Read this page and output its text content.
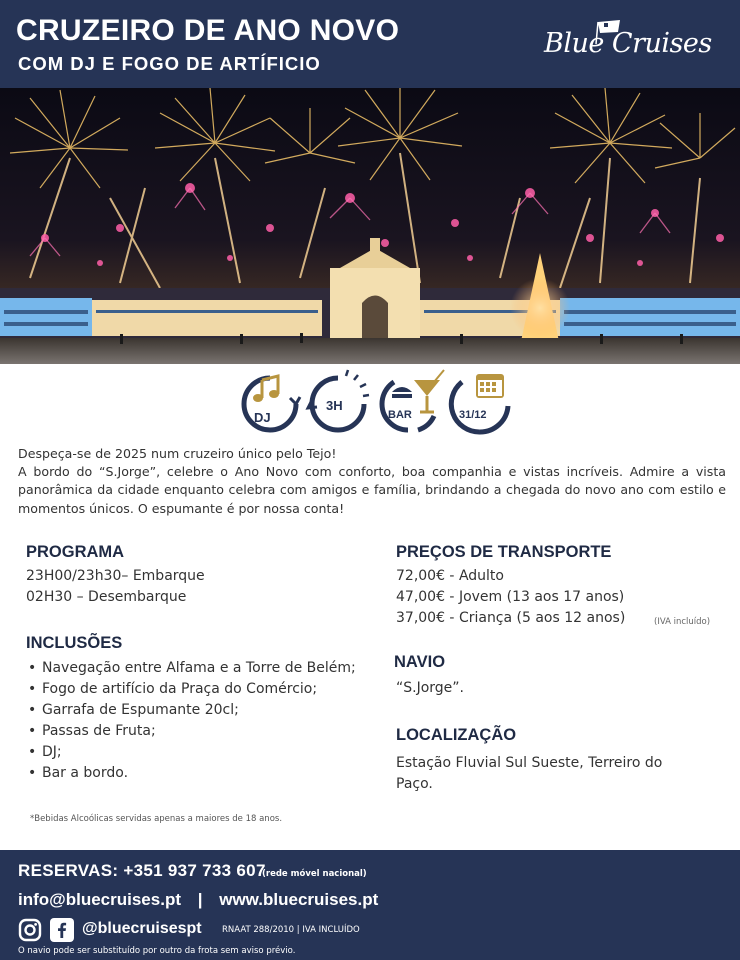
CRUZEIRO DE ANO NOVO
COM DJ E FOGO DE ARTÍFICIO
Blue Cruises
DJ
3H
BAR	31/12

Despeça-se de 2025 num cruzeiro único pelo Tejo!

A bordo do “S.Jorge”, celebre o Ano Novo com conforto, boa companhia e vistas incríveis. Admire a vista panorâmica da cidade enquanto celebra com amigos e família, brindando a chegada do novo ano com estilo e momentos únicos. O espumante é por nossa conta!

PROGRAMA
23H00/23h30– Embarque
02H30 – Desembarque
INCLUSÕES
• Navegação entre Alfama e a Torre de Belém;
• Fogo de artifício da Praça do Comércio;
• Garrafa de Espumante 20cl;
• Passas de Fruta;
• DJ;
• Bar a bordo.
*Bebidas Alcoólicas servidas apenas a maiores de 18 anos.
PREÇOS DE TRANSPORTE
72,00€ - Adulto
47,00€ - Jovem (13 aos 17 anos)
37,00€ - Criança (5 aos 12 anos)	(IVA incluído)
NAVIO
“S.Jorge”.
LOCALIZAÇÃO
Estação Fluvial Sul Sueste, Terreiro do
Paço.
RESERVAS: +351 937 733 607
(rede móvel nacional)
info@bluecruises.pt | www.bluecruises.pt
@bluecruisespt RNAAT 288/2010 | IVA INCLUÍDO
O navio pode ser substituído por outro da frota sem aviso prévio.
